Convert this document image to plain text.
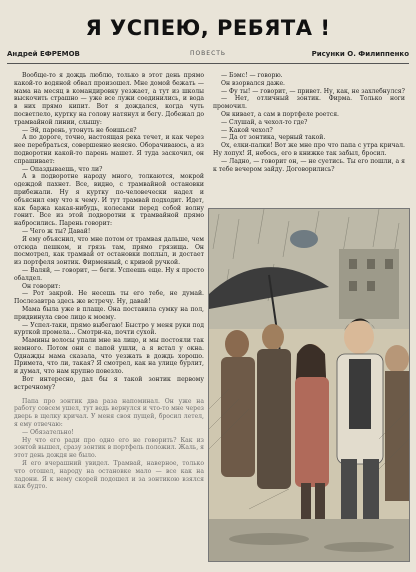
Я УСПЕЮ, РЕБЯТА !
Андрей ЕФРЕМОВ	ПОВЕСТЬ	Рисунки О. Филиппенко

Вообще-то я дождь люблю, только в этот день прямо какой-то водяной обвал произошел. Мне домой бежать — мама на месяц в командировку уезжает, а тут из школы выскочить страшно — уже все лужи соединились, и вода в них прямо кипит. Вот я дождался, когда чуть посветлело, куртку на голову натянул и бегу. Добежал до трамвайной линии, слышу:

— Эй, парень, утонуть не боишься?

А по дороге, точно, настоящая река течет, и как через нее перебраться, совершенно неясно. Оборачиваюсь, а из подворотни какой-то парень машет. Я туда заскочил, он спрашивает:

— Опаздываешь, что ли?

А в подворотне народу много, толкаются, мокрой одеждой пахнет. Все, видно, с трамвайной остановки прибежали. Ну я куртку по-человечески надел и объяснил ему что к чему. И тут трамвай подходит. Идет, как баржа какая-нибудь, колесами перед собой волну гонит. Все из этой подворотни к трамвайной прямо набросились. Парень говорит:

— Чего ж ты? Давай!

Я ему объяснил, что мне потом от трамвая дальше, чем отсюда пешком, и грязь там, прямо грязища. Он посмотрел, как трамвай от остановки поплыл, и достает из портфеля зонтик. Фирменный, с кривой ручкой.

— Валяй, — говорит, — беги. Успеешь еще. Ну я просто обалдел.

Он говорит:

— Рот закрой. Не несешь ты его тебе, не думай. Послезавтра здесь же встречу. Ну, давай!

Мама была уже в плаще. Она поставила сумку на пол, придвинула свое лицо к моему.

— Успел-таки, прямо выбегаю! Быстро у меня руки под курткой промела... Смотри-ка, почти сухой.

Мамины волосы упали мне на лицо, и мы постояли так немного. Потом они с папой ушли, а я встал у окна. Однажды мама сказала, что уезжать в дождь хорошо. Примета, что ли, такая? Я смотрел, как на улице бурлит, и думал, что нам крупно повезло.

Вот интересно, дал бы я такой зонтик первому встречному?

Папа про зонтик два раза напоминал. Он уже на работу совсем ушел, тут ведь вернулся и что-то мне через дверь в щелку кричал. У меня своя пущей, бросил летел, я ему отвечаю:

— Обязательно!

Ну что его ради про одно его не говорить? Как из зонтой вышел, сразу зонтик в портфель положил. Жаль, я этот день дождя не было.

Я его вчерашний увидел. Трамвай, наверное, только что отошел, народу на остановке мало — все как на ладони. Я к нему скорей подошел и за зонтикою взялся как будто.

— Бэмс! — говорю.

Он взорвался даже.

— Фу ты! — говорит, — привет. Ну, как, не захлебнулся?

— Нет, отличный зонтик. Фирма. Только ноги промочил.

Он кивает, а сам в портфеле роется.

— Слушай, а чехол-то где?

— Какой чехол?

— Да от зонтика, черный такой.

Ох, елки-палки! Вот же мне про что папа с утра кричал. Ну лопух! Я, небось, его в книжке так забыл, бросил.

— Ладно, — говорит он, — не суетись. Ты его пошли, а я к тебе вечером зайду. Договорились?
